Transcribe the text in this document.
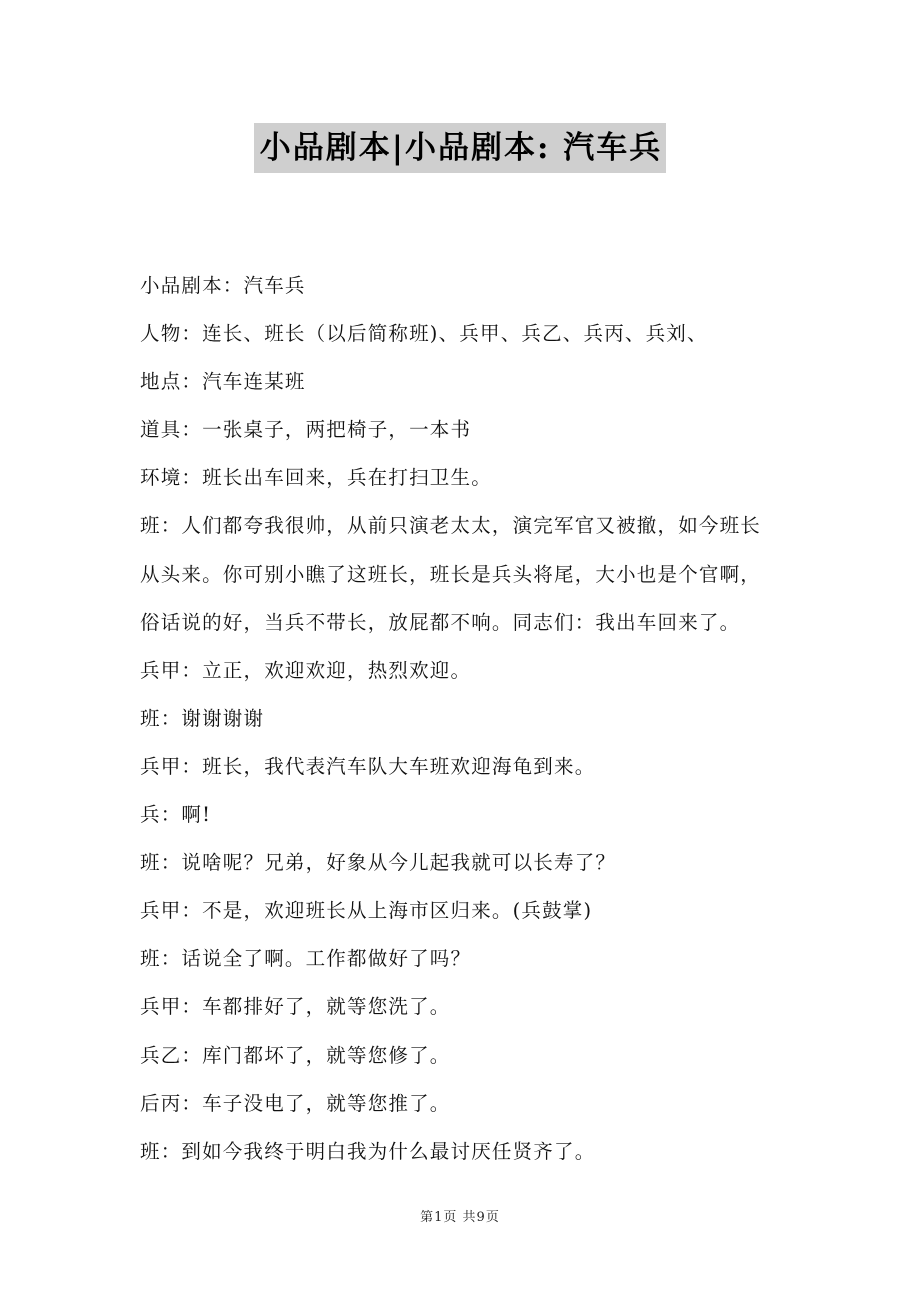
小品剧本|小品剧本: 汽车兵
小品剧本：汽车兵
人物：连长、班长（以后简称班)、兵甲、兵乙、兵丙、兵刘、
地点：汽车连某班
道具：一张桌子，两把椅子，一本书
环境：班长出车回来，兵在打扫卫生。
班：人们都夸我很帅，从前只演老太太，演完军官又被撤，如今班长
从头来。你可别小瞧了这班长，班长是兵头将尾，大小也是个官啊，
俗话说的好，当兵不带长，放屁都不响。同志们：我出车回来了。
兵甲：立正，欢迎欢迎，热烈欢迎。
班：谢谢谢谢
兵甲：班长，我代表汽车队大车班欢迎海龟到来。
兵：啊!
班：说啥呢？兄弟，好象从今儿起我就可以长寿了？
兵甲：不是，欢迎班长从上海市区归来。(兵鼓掌)
班：话说全了啊。工作都做好了吗？
兵甲：车都排好了，就等您洗了。
兵乙：库门都坏了，就等您修了。
后丙：车子没电了，就等您推了。
班：到如今我终于明白我为什么最讨厌任贤齐了。
第1页 共9页
